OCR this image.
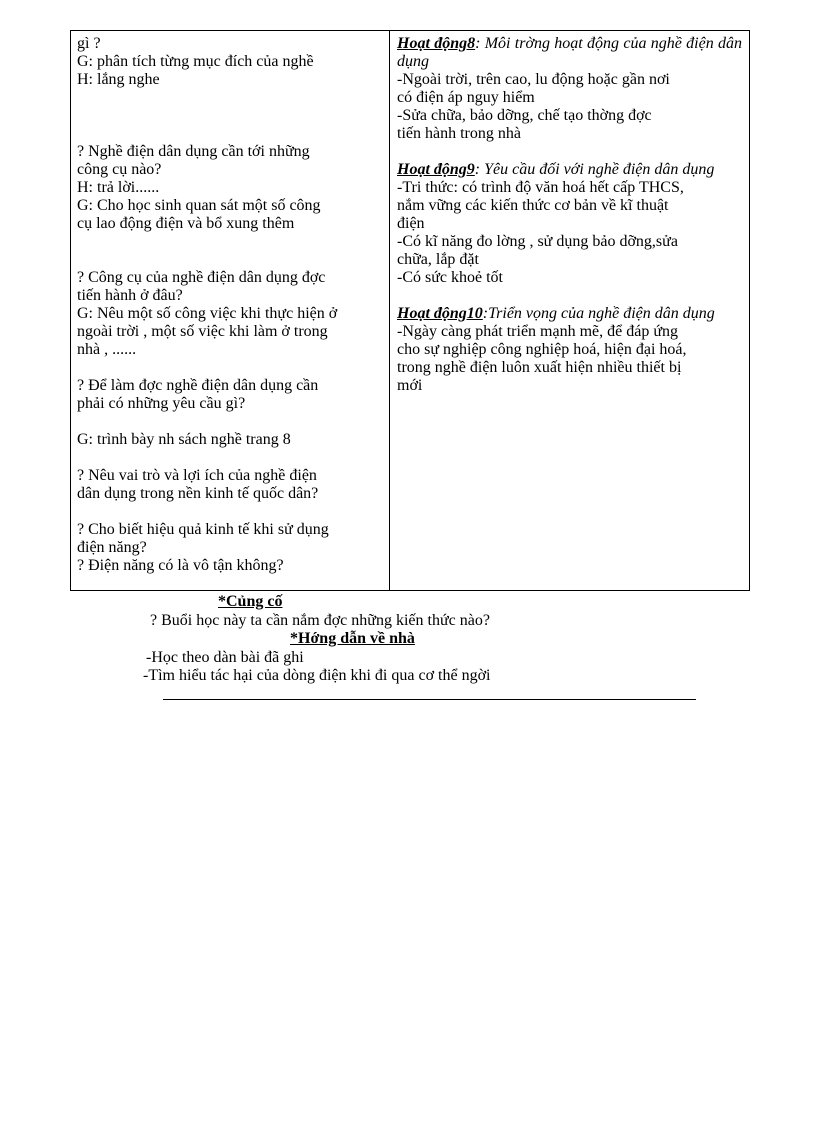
gì ?
G: phân tích từng mục đích của nghề
H: lắng nghe
? Nghề điện dân dụng cần tới những
công cụ nào?
H: trả lời......
G: Cho học sinh quan sát một số công
cụ lao động điện và bổ xung thêm
? Công cụ của nghề điện dân dụng đợc
tiến hành ở đâu?
G: Nêu một số công việc khi thực hiện ở
ngoài trời , một số việc khi làm ở trong
nhà , ......
? Để làm đợc nghề điện dân dụng cần
phải có những yêu cầu gì?
G: trình bày nh sách nghề trang 8
? Nêu vai trò và lợi ích của nghề điện
dân dụng trong nền kinh tế quốc dân?
? Cho biết hiệu quả kinh tế khi sử dụng
điện năng?
? Điện năng có là vô tận không?
Hoạt động8: Môi trờng hoạt động của nghề điện dân dụng
-Ngoài trời, trên cao, lu động hoặc gần nơi
có điện áp nguy hiểm
-Sửa chữa, bảo dỡng, chế tạo thờng đợc
tiến hành trong nhà
Hoạt động9: Yêu cầu đối với nghề điện dân dụng
-Tri thức: có trình độ văn hoá hết cấp THCS,
nắm vững các kiến thức cơ bản về kĩ thuật
điện
-Có kĩ năng đo lờng , sử dụng bảo dỡng,sửa
chữa, lắp đặt
-Có sức khoẻ tốt
Hoạt động10:Triển vọng của nghề điện dân dụng
-Ngày càng phát triển mạnh mẽ, để đáp ứng
cho sự nghiệp công nghiệp hoá, hiện đại hoá,
trong nghề điện luôn xuất hiện nhiều thiết bị
mới
*Củng cố
? Buổi học này ta cần nắm đợc những kiến thức nào?
*Hớng dẫn về nhà
-Học theo dàn bài đã ghi
-Tìm hiểu tác hại của dòng điện khi đi qua cơ thể ngời
